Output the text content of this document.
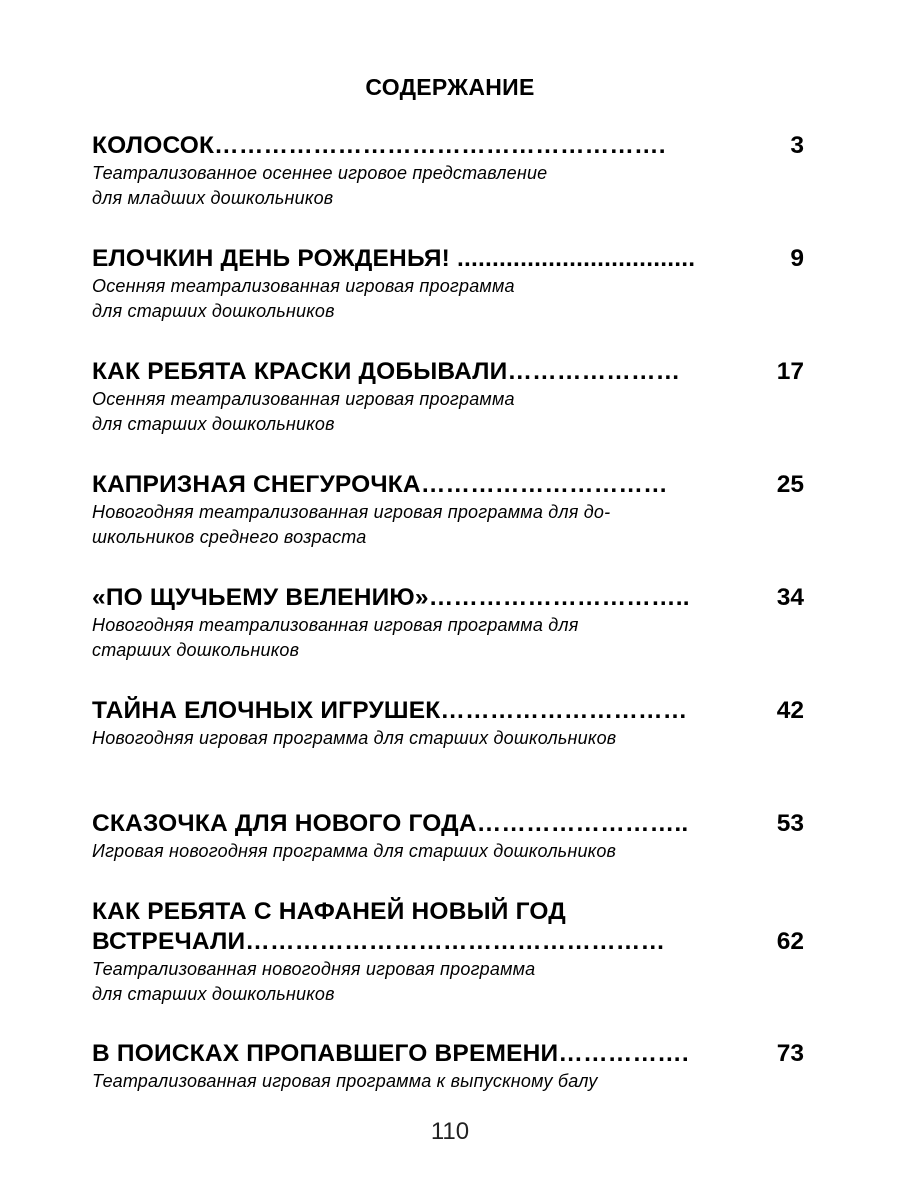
СОДЕРЖАНИЕ
КОЛОСОК……………………………………………….	3
Театрализованное осеннее игровое представление
для младших дошкольников
ЕЛОЧКИН ДЕНЬ РОЖДЕНЬЯ! ..................................	9
Осенняя театрализованная игровая программа
для старших дошкольников
КАК РЕБЯТА КРАСКИ ДОБЫВАЛИ…………………	17
Осенняя театрализованная игровая программа
для старших дошкольников
КАПРИЗНАЯ СНЕГУРОЧКА…………………………	25
Новогодняя театрализованная игровая программа для до-
школьников среднего возраста
«ПО ЩУЧЬЕМУ ВЕЛЕНИЮ»…………………………..	34
Новогодняя театрализованная игровая программа для
старших дошкольников
ТАЙНА ЕЛОЧНЫХ ИГРУШЕК…………………………	42
Новогодняя игровая программа для старших дошкольников
СКАЗОЧКА ДЛЯ НОВОГО ГОДА……………………..	53
Игровая новогодняя программа для старших дошкольников
КАК РЕБЯТА С НАФАНЕЙ НОВЫЙ ГОД
ВСТРЕЧАЛИ……………………………………………	62
Театрализованная новогодняя игровая программа
для старших дошкольников
В ПОИСКАХ ПРОПАВШЕГО ВРЕМЕНИ…………….	73
Театрализованная игровая программа к выпускному балу
110
